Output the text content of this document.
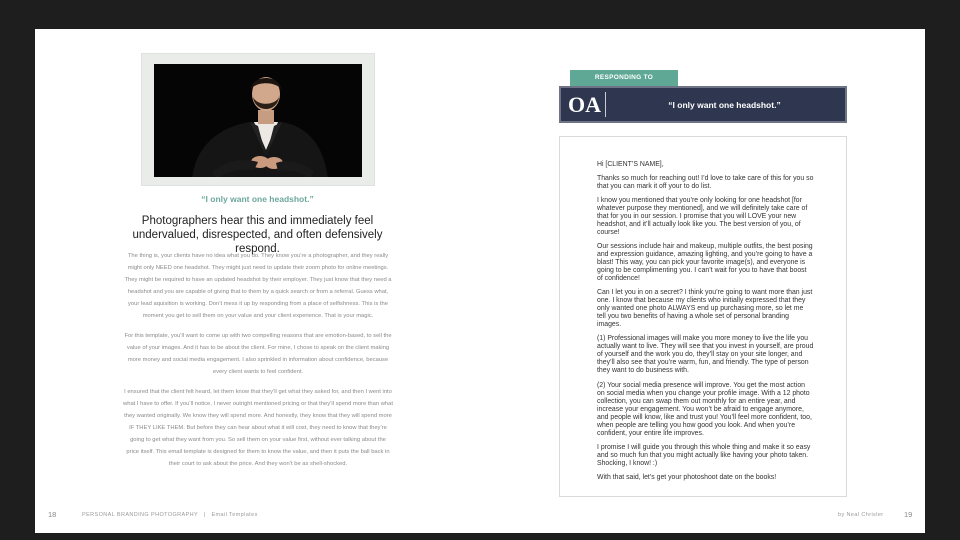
“I only want one headshot.”
Photographers hear this and immediately feel undervalued, disrespected, and often defensively respond.

The thing is, your clients have no idea what you do. They know you’re a photographer, and they really might only NEED one headshot. They might just need to update their zoom photo for online meetings. They might be required to have an updated headshot by their employer. They just know that they need a headshot and you are capable of giving that to them by a quick search or from a referral. Guess what, your lead aquisition is working. Don’t mess it up by responding from a place of selfishness. This is the moment you get to sell them on your value and your client experience. That is your magic.

For this template, you’ll want to come up with two compelling reasons that are emotion-based, to sell the value of your images. And it has to be about the client. For mine, I chose to speak on the client making more money and social media engagement. I also sprinkled in information about confidence, because every client wants to feel confident.

I ensured that the client felt heard, let them know that they’ll get what they asked for, and then I went into what I have to offer. If you’ll notice, I never outright mentioned pricing or that they’ll spend more than what they wanted originally. We know they will spend more. And honestly, they know that they will spend more IF THEY LIKE THEM. But before they can hear about what it will cost, they need to know that they’re going to get what they want from you. So sell them on your value first, without ever talking about the price itself. This email template is designed for them to know the value, and then it puts the ball back in their court to ask about the price. And they won’t be as shell-shocked.

18	PERSONAL BRANDING PHOTOGRAPHY | Email Templates
RESPONDING TO
OA	“I only want one headshot.”

Hi [CLIENT’S NAME],

Thanks so much for reaching out! I’d love to take care of this for you so that you can mark it off your to do list.

I know you mentioned that you’re only looking for one headshot [for whatever purpose they mentioned], and we will definitely take care of that for you in our session. I promise that you will LOVE your new headshot, and it’ll actually look like you. The best version of you, of course!

Our sessions include hair and makeup, multiple outfits, the best posing and expression guidance, amazing lighting, and you’re going to have a blast! This way, you can pick your favorite image(s), and everyone is going to be complimenting you. I can’t wait for you to have that boost of confidence!

Can I let you in on a secret? I think you’re going to want more than just one. I know that because my clients who initially expressed that they only wanted one photo ALWAYS end up purchasing more, so let me tell you two benefits of having a whole set of personal branding images.

(1) Professional images will make you more money to live the life you actually want to live. They will see that you invest in yourself, are proud of yourself and the work you do, they’ll stay on your site longer, and they’ll also see that you’re warm, fun, and friendly. The type of person they want to do business with.

(2) Your social media presence will improve. You get the most action on social media when you change your profile image. With a 12 photo collection, you can swap them out monthly for an entire year, and increase your engagement. You won’t be afraid to engage anymore, and people will know, like and trust you! You’ll feel more confident, too, when people are telling you how good you look. And when you’re confident, your entire life improves.

I promise I will guide you through this whole thing and make it so easy and so much fun that you might actually like having your photo taken. Shocking, I know! :)

With that said, let’s get your photoshoot date on the books!

by Neal Chrisler	19
